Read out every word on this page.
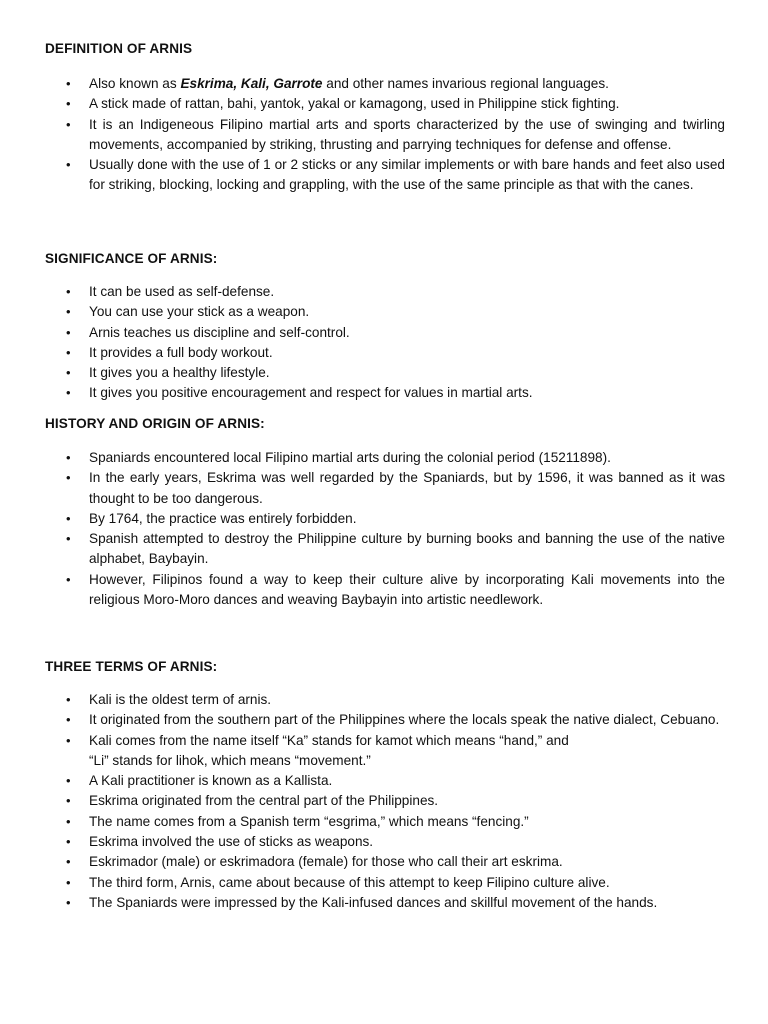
DEFINITION OF ARNIS
• Also known as Eskrima, Kali, Garrote and other names invarious regional languages.
• A stick made of rattan, bahi, yantok, yakal or kamagong, used in Philippine stick fighting.
• It is an Indigeneous Filipino martial arts and sports characterized by the use of swinging and twirling movements, accompanied by striking, thrusting and parrying techniques for defense and offense.
• Usually done with the use of 1 or 2 sticks or any similar implements or with bare hands and feet also used for striking, blocking, locking and grappling, with the use of the same principle as that with the canes.
SIGNIFICANCE OF ARNIS:
• It can be used as self-defense.
• You can use your stick as a weapon.
• Arnis teaches us discipline and self-control.
• It provides a full body workout.
• It gives you a healthy lifestyle.
• It gives you positive encouragement and respect for values in martial arts.
HISTORY AND ORIGIN OF ARNIS:
• Spaniards encountered local Filipino martial arts during the colonial period (15211898).
• In the early years, Eskrima was well regarded by the Spaniards, but by 1596, it was banned as it was thought to be too dangerous.
• By 1764, the practice was entirely forbidden.
• Spanish attempted to destroy the Philippine culture by burning books and banning the use of the native alphabet, Baybayin.
• However, Filipinos found a way to keep their culture alive by incorporating Kali movements into the religious Moro-Moro dances and weaving Baybayin into artistic needlework.
THREE TERMS OF ARNIS:
• Kali is the oldest term of arnis.
• It originated from the southern part of the Philippines where the locals speak the native dialect, Cebuano.
• Kali comes from the name itself “Ka” stands for kamot which means “hand,” and
“Li” stands for lihok, which means “movement.”
• A Kali practitioner is known as a Kallista.
• Eskrima originated from the central part of the Philippines.
• The name comes from a Spanish term “esgrima,” which means “fencing.”
• Eskrima involved the use of sticks as weapons.
• Eskrimador (male) or eskrimadora (female) for those who call their art eskrima.
• The third form, Arnis, came about because of this attempt to keep Filipino culture alive.
• The Spaniards were impressed by the Kali-infused dances and skillful movement of the hands.
